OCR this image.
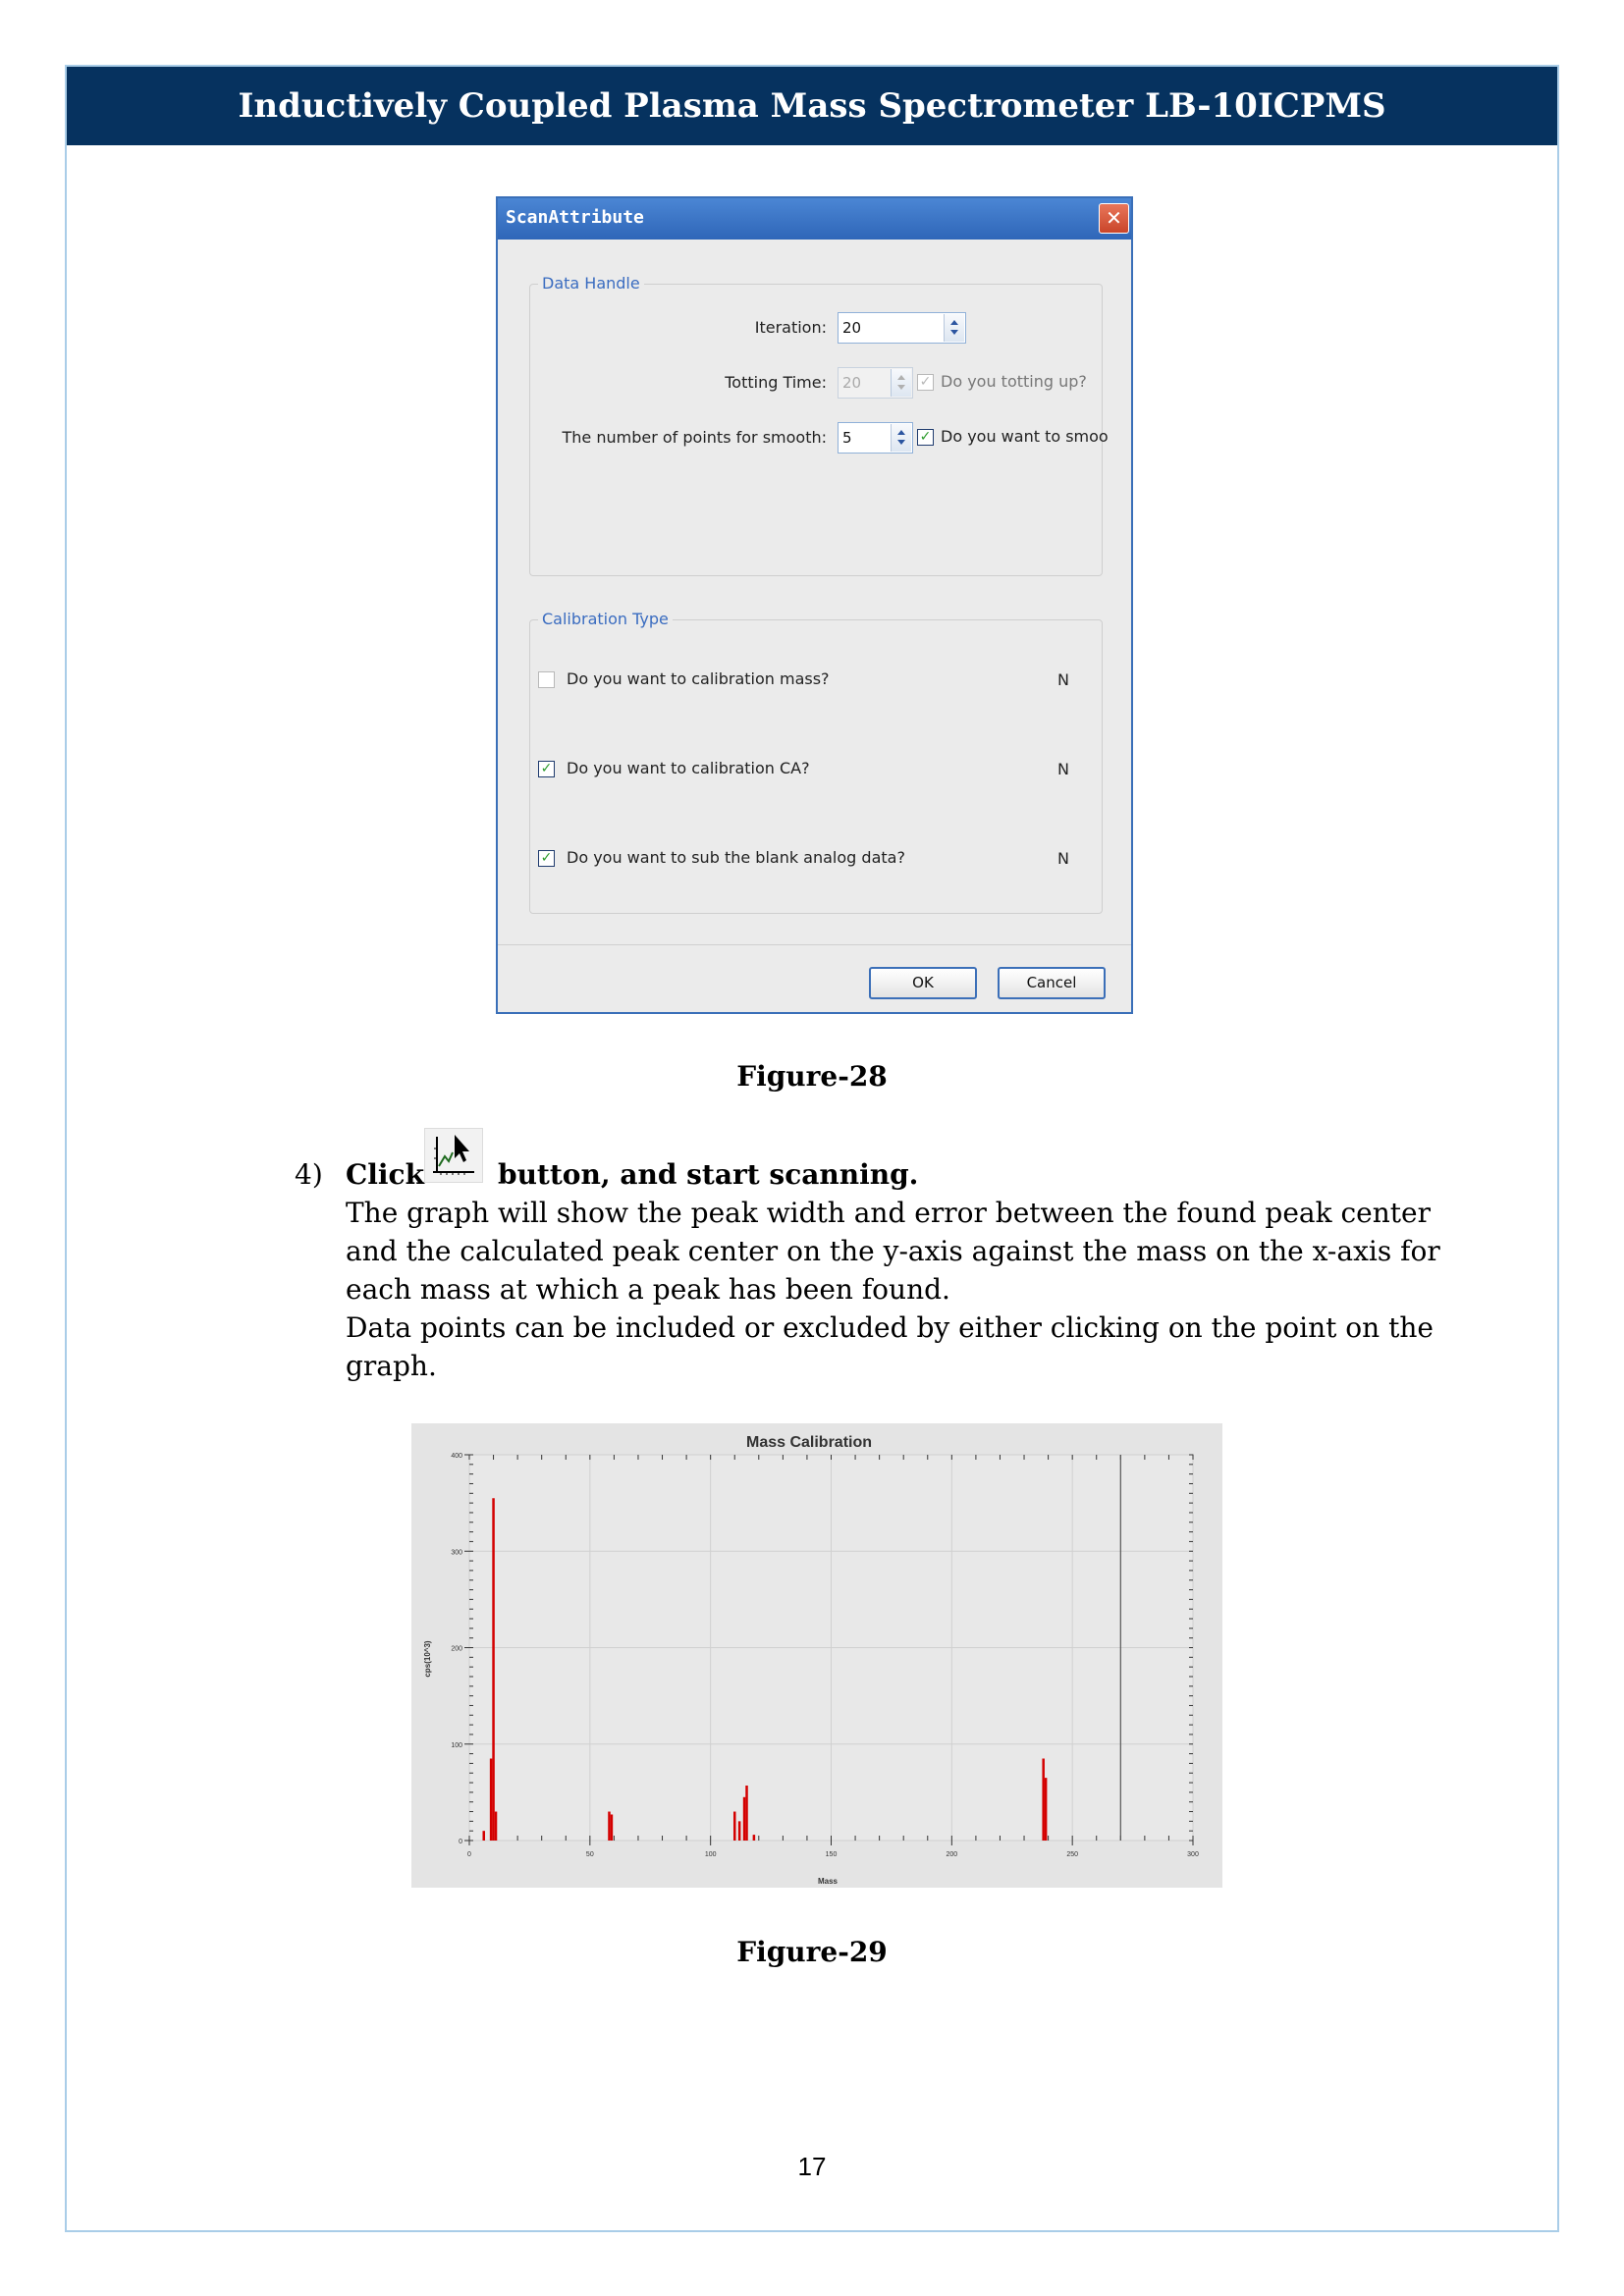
Inductively Coupled Plasma Mass Spectrometer LB-10ICPMS
ScanAttribute	✕
Data Handle
Iteration: 20
Totting Time: 20	✓ Do you totting up?
The number of points for smooth: 5	✓ Do you want to smoo
Calibration Type
Do you want to calibration mass?	N
✓ Do you want to calibration CA?	N
✓ Do you want to sub the blank analog data?	N
OK	Cancel
Figure-28
4) Click	button, and start scanning.
The graph will show the peak width and error between the found peak center and the calculated peak center on the y-axis against the mass on the x-axis for each mass at which a peak has been found.
Data points can be included or excluded by either clicking on the point on the graph.
Mass Calibration
Mass
cps(10^3)
0	50	100	150	200	250	300
0
100
200
300
400
Figure-29
17
